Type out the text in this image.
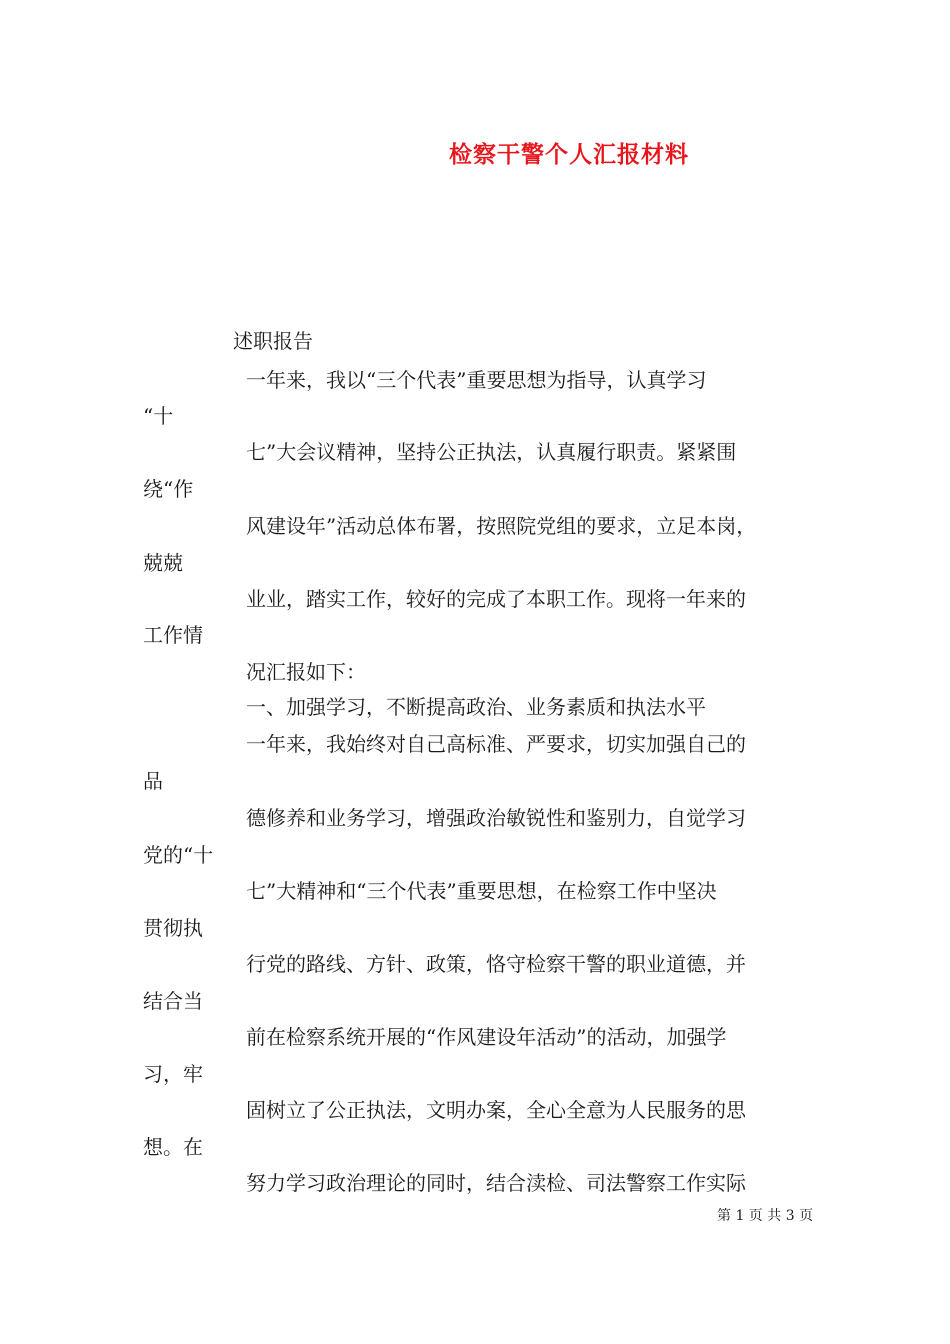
检察干警个人汇报材料
述职报告
一年来，我以“三个代表”重要思想为指导，认真学习
“十
七”大会议精神，坚持公正执法，认真履行职责。紧紧围
绕“作
风建设年”活动总体布署，按照院党组的要求，立足本岗，
兢兢
业业，踏实工作，较好的完成了本职工作。现将一年来的
工作情
况汇报如下：
一、加强学习，不断提高政治、业务素质和执法水平
一年来，我始终对自己高标准、严要求，切实加强自己的
品
德修养和业务学习，增强政治敏锐性和鉴别力，自觉学习
党的“十
七”大精神和“三个代表”重要思想，在检察工作中坚决
贯彻执
行党的路线、方针、政策，恪守检察干警的职业道德，并
结合当
前在检察系统开展的“作风建设年活动”的活动，加强学
习，牢
固树立了公正执法，文明办案，全心全意为人民服务的思
想。在
努力学习政治理论的同时，结合渎检、司法警察工作实际
第 1 页 共 3 页
